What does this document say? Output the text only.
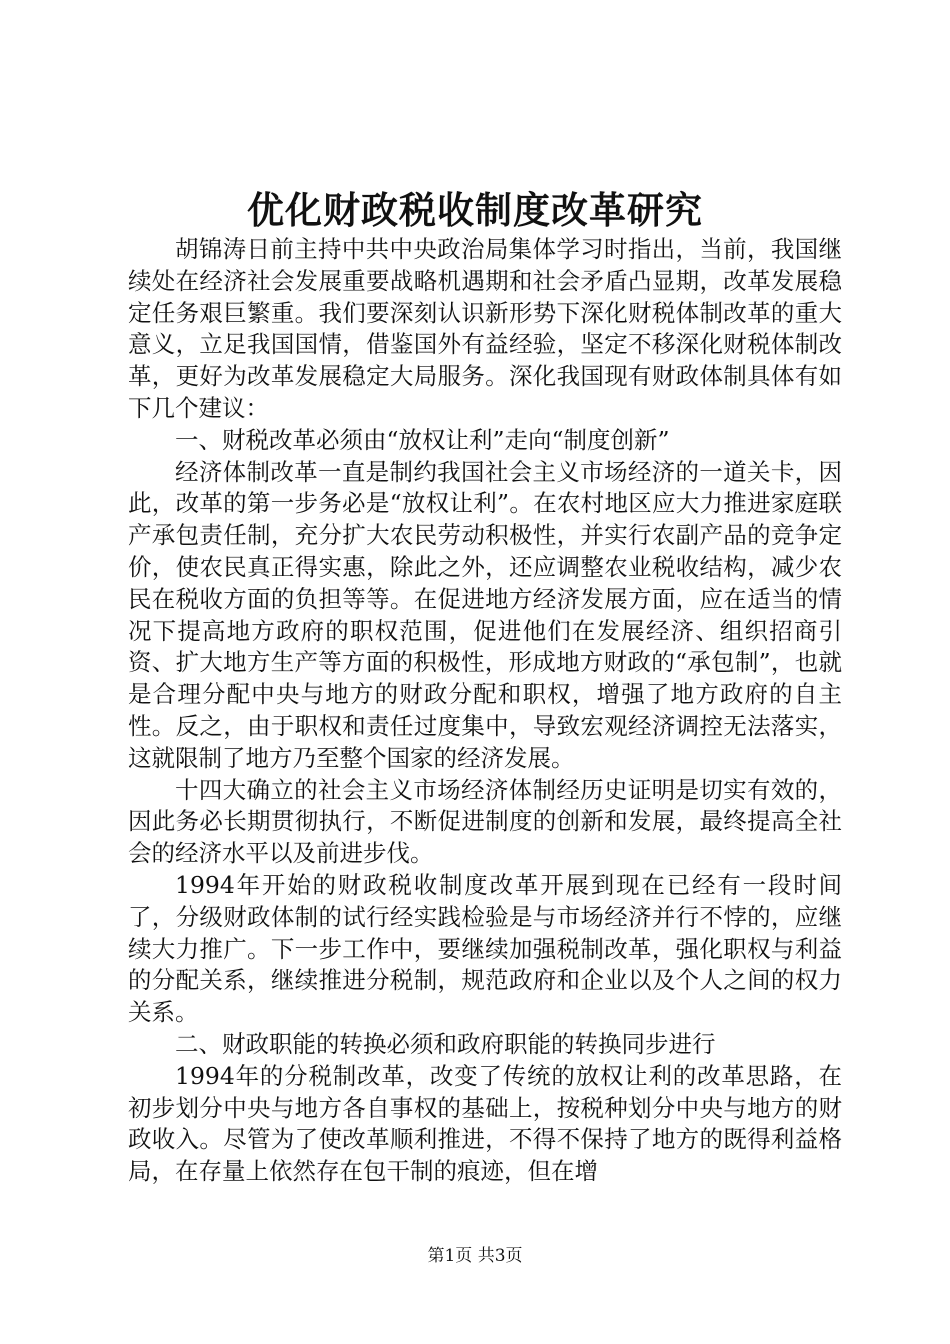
优化财政税收制度改革研究

胡锦涛日前主持中共中央政治局集体学习时指出，当前，我国继续处在经济社会发展重要战略机遇期和社会矛盾凸显期，改革发展稳定任务艰巨繁重。我们要深刻认识新形势下深化财税体制改革的重大意义，立足我国国情，借鉴国外有益经验，坚定不移深化财税体制改革，更好为改革发展稳定大局服务。深化我国现有财政体制具体有如下几个建议：

一、财税改革必须由“放权让利”走向“制度创新”

经济体制改革一直是制约我国社会主义市场经济的一道关卡，因此，改革的第一步务必是“放权让利”。在农村地区应大力推进家庭联产承包责任制，充分扩大农民劳动积极性，并实行农副产品的竞争定价，使农民真正得实惠，除此之外，还应调整农业税收结构，减少农民在税收方面的负担等等。在促进地方经济发展方面，应在适当的情况下提高地方政府的职权范围，促进他们在发展经济、组织招商引资、扩大地方生产等方面的积极性，形成地方财政的“承包制”，也就是合理分配中央与地方的财政分配和职权，增强了地方政府的自主性。反之，由于职权和责任过度集中，导致宏观经济调控无法落实，这就限制了地方乃至整个国家的经济发展。

十四大确立的社会主义市场经济体制经历史证明是切实有效的，因此务必长期贯彻执行，不断促进制度的创新和发展，最终提高全社会的经济水平以及前进步伐。

1994年开始的财政税收制度改革开展到现在已经有一段时间了，分级财政体制的试行经实践检验是与市场经济并行不悖的，应继续大力推广。下一步工作中，要继续加强税制改革，强化职权与利益的分配关系，继续推进分税制，规范政府和企业以及个人之间的权力关系。

二、财政职能的转换必须和政府职能的转换同步进行

1994年的分税制改革，改变了传统的放权让利的改革思路，在初步划分中央与地方各自事权的基础上，按税种划分中央与地方的财政收入。尽管为了使改革顺利推进，不得不保持了地方的既得利益格局，在存量上依然存在包干制的痕迹，但在增

第1页 共3页
